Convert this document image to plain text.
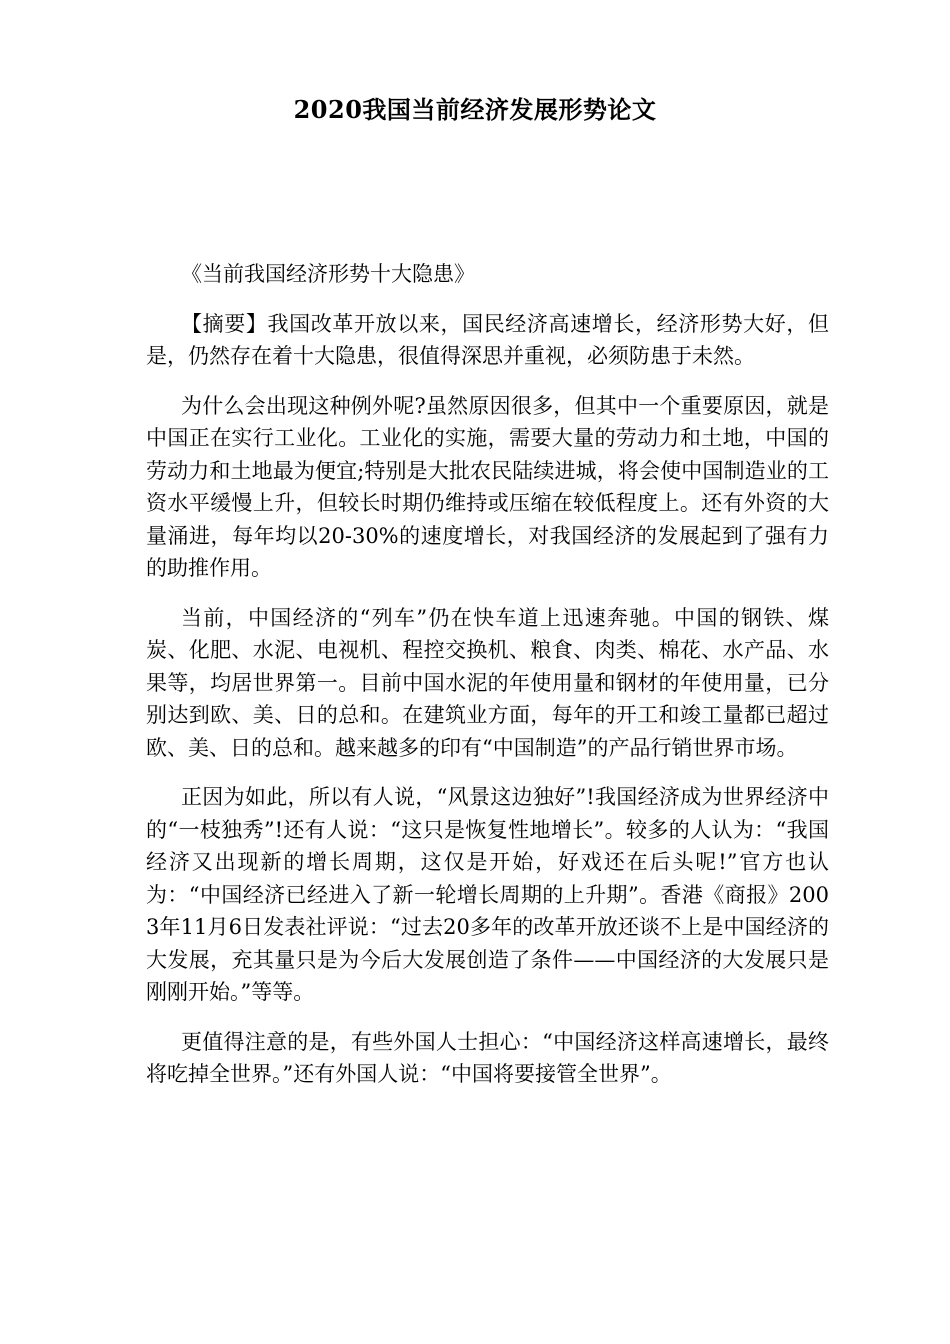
2020我国当前经济发展形势论文

《当前我国经济形势十大隐患》

【摘要】我国改革开放以来，国民经济高速增长，经济形势大好，但是，仍然存在着十大隐患，很值得深思并重视，必须防患于未然。

为什么会出现这种例外呢?虽然原因很多，但其中一个重要原因，就是中国正在实行工业化。工业化的实施，需要大量的劳动力和土地，中国的劳动力和土地最为便宜;特别是大批农民陆续进城，将会使中国制造业的工资水平缓慢上升，但较长时期仍维持或压缩在较低程度上。还有外资的大量涌进，每年均以20-30%的速度增长，对我国经济的发展起到了强有力的助推作用。

当前，中国经济的“列车”仍在快车道上迅速奔驰。中国的钢铁、煤炭、化肥、水泥、电视机、程控交换机、粮食、肉类、棉花、水产品、水果等，均居世界第一。目前中国水泥的年使用量和钢材的年使用量，已分别达到欧、美、日的总和。在建筑业方面，每年的开工和竣工量都已超过欧、美、日的总和。越来越多的印有“中国制造”的产品行销世界市场。

正因为如此，所以有人说，“风景这边独好”!我国经济成为世界经济中的“一枝独秀”!还有人说：“这只是恢复性地增长”。较多的人认为：“我国经济又出现新的增长周期，这仅是开始，好戏还在后头呢!”官方也认为：“中国经济已经进入了新一轮增长周期的上升期”。香港《商报》2003年11月6日发表社评说：“过去20多年的改革开放还谈不上是中国经济的大发展，充其量只是为今后大发展创造了条件——中国经济的大发展只是刚刚开始。”等等。

更值得注意的是，有些外国人士担心：“中国经济这样高速增长，最终将吃掉全世界。”还有外国人说：“中国将要接管全世界”。
